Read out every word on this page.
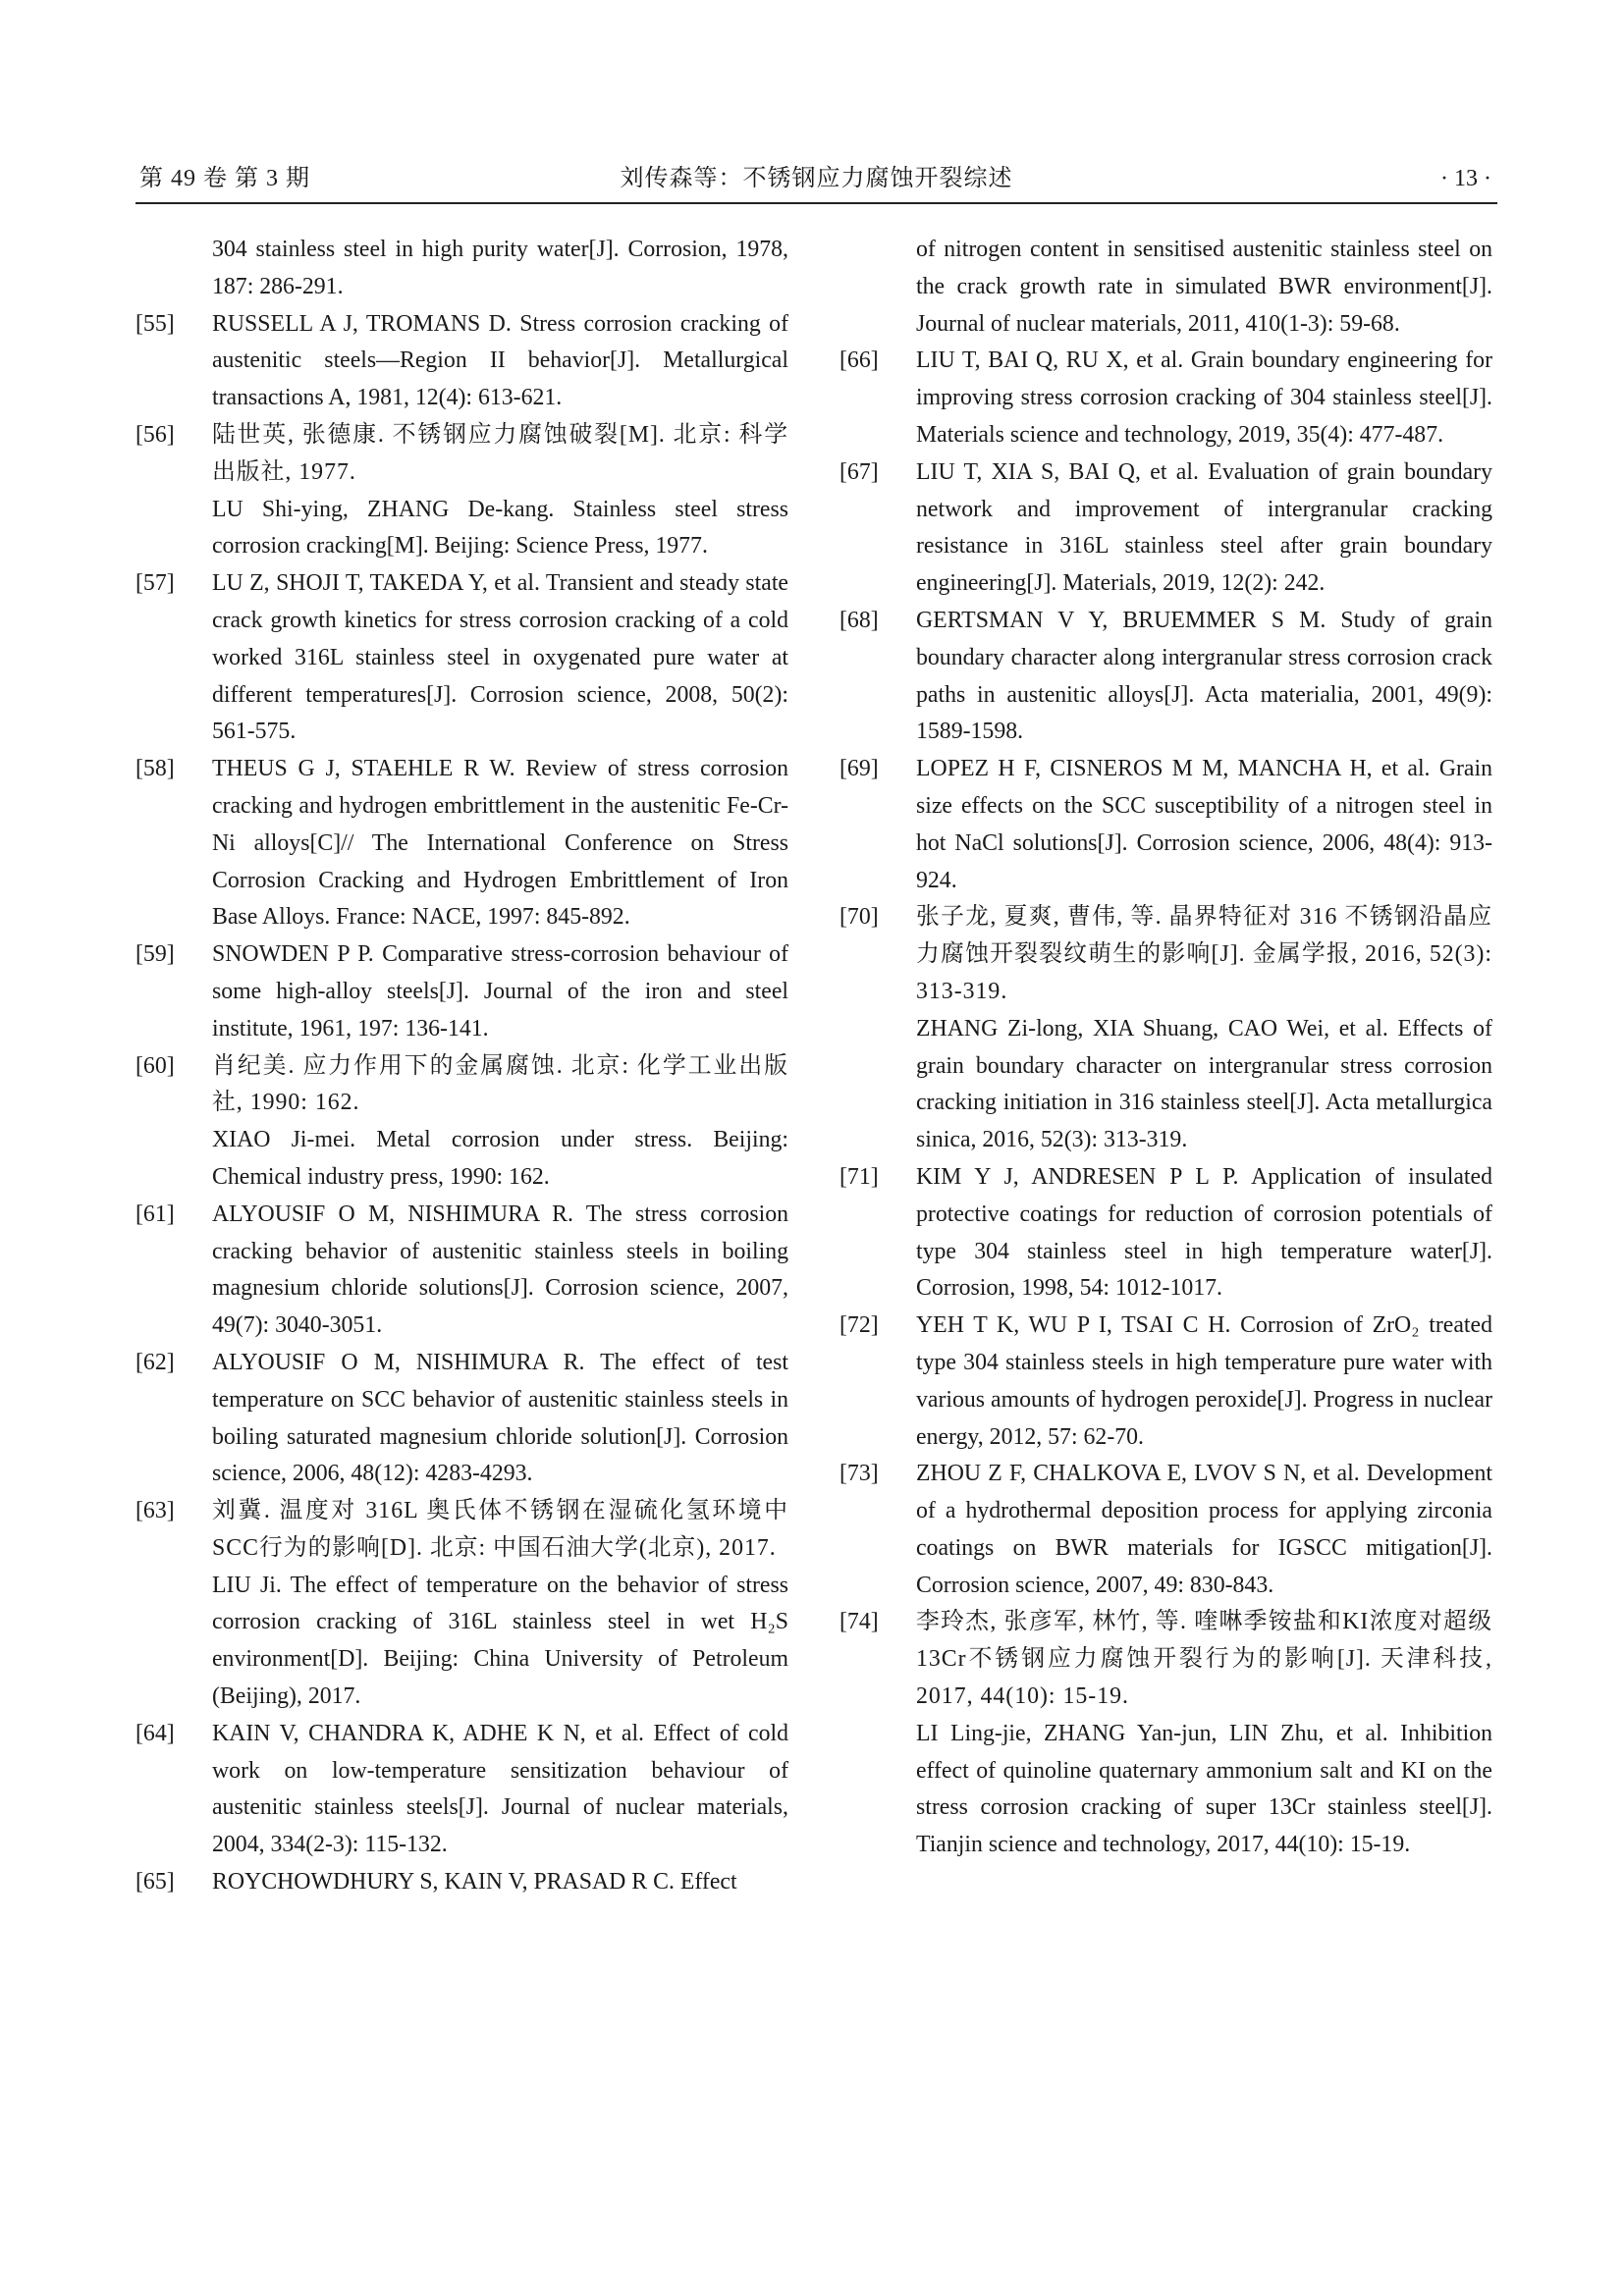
第 49 卷 第 3 期	刘传森等：不锈钢应力腐蚀开裂综述	· 13 ·
304 stainless steel in high purity water[J]. Corrosion, 1978, 187: 286-291.
[55]	RUSSELL A J, TROMANS D. Stress corrosion cracking of austenitic steels—Region II behavior[J]. Metallurgical transactions A, 1981, 12(4): 613-621.
[56]	陆世英, 张德康. 不锈钢应力腐蚀破裂[M]. 北京: 科学出版社, 1977.
LU Shi-ying, ZHANG De-kang. Stainless steel stress corrosion cracking[M]. Beijing: Science Press, 1977.
[57]	LU Z, SHOJI T, TAKEDA Y, et al. Transient and steady state crack growth kinetics for stress corrosion cracking of a cold worked 316L stainless steel in oxygenated pure water at different temperatures[J]. Corrosion science, 2008, 50(2): 561-575.
[58]	THEUS G J, STAEHLE R W. Review of stress corrosion cracking and hydrogen embrittlement in the austenitic Fe-Cr-Ni alloys[C]// The International Conference on Stress Corrosion Cracking and Hydrogen Embrittlement of Iron Base Alloys. France: NACE, 1997: 845-892.
[59]	SNOWDEN P P. Comparative stress-corrosion behaviour of some high-alloy steels[J]. Journal of the iron and steel institute, 1961, 197: 136-141.
[60]	肖纪美. 应力作用下的金属腐蚀. 北京: 化学工业出版社, 1990: 162.
XIAO Ji-mei. Metal corrosion under stress. Beijing: Chemical industry press, 1990: 162.
[61]	ALYOUSIF O M, NISHIMURA R. The stress corrosion cracking behavior of austenitic stainless steels in boiling magnesium chloride solutions[J]. Corrosion science, 2007, 49(7): 3040-3051.
[62]	ALYOUSIF O M, NISHIMURA R. The effect of test temperature on SCC behavior of austenitic stainless steels in boiling saturated magnesium chloride solution[J]. Corrosion science, 2006, 48(12): 4283-4293.
[63]	刘冀. 温度对 316L 奥氏体不锈钢在湿硫化氢环境中SCC行为的影响[D]. 北京: 中国石油大学(北京), 2017.
LIU Ji. The effect of temperature on the behavior of stress corrosion cracking of 316L stainless steel in wet H₂S environment[D]. Beijing: China University of Petroleum (Beijing), 2017.
[64]	KAIN V, CHANDRA K, ADHE K N, et al. Effect of cold work on low-temperature sensitization behaviour of austenitic stainless steels[J]. Journal of nuclear materials, 2004, 334(2-3): 115-132.
[65]	ROYCHOWDHURY S, KAIN V, PRASAD R C. Effect
of nitrogen content in sensitised austenitic stainless steel on the crack growth rate in simulated BWR environment[J]. Journal of nuclear materials, 2011, 410(1-3): 59-68.
[66]	LIU T, BAI Q, RU X, et al. Grain boundary engineering for improving stress corrosion cracking of 304 stainless steel[J]. Materials science and technology, 2019, 35(4): 477-487.
[67]	LIU T, XIA S, BAI Q, et al. Evaluation of grain boundary network and improvement of intergranular cracking resistance in 316L stainless steel after grain boundary engineering[J]. Materials, 2019, 12(2): 242.
[68]	GERTSMAN V Y, BRUEMMER S M. Study of grain boundary character along intergranular stress corrosion crack paths in austenitic alloys[J]. Acta materialia, 2001, 49(9): 1589-1598.
[69]	LOPEZ H F, CISNEROS M M, MANCHA H, et al. Grain size effects on the SCC susceptibility of a nitrogen steel in hot NaCl solutions[J]. Corrosion science, 2006, 48(4): 913-924.
[70]	张子龙, 夏爽, 曹伟, 等. 晶界特征对 316 不锈钢沿晶应力腐蚀开裂裂纹萌生的影响[J]. 金属学报, 2016, 52(3): 313-319.
ZHANG Zi-long, XIA Shuang, CAO Wei, et al. Effects of grain boundary character on intergranular stress corrosion cracking initiation in 316 stainless steel[J]. Acta metallurgica sinica, 2016, 52(3): 313-319.
[71]	KIM Y J, ANDRESEN P L P. Application of insulated protective coatings for reduction of corrosion potentials of type 304 stainless steel in high temperature water[J]. Corrosion, 1998, 54: 1012-1017.
[72]	YEH T K, WU P I, TSAI C H. Corrosion of ZrO₂ treated type 304 stainless steels in high temperature pure water with various amounts of hydrogen peroxide[J]. Progress in nuclear energy, 2012, 57: 62-70.
[73]	ZHOU Z F, CHALKOVA E, LVOV S N, et al. Development of a hydrothermal deposition process for applying zirconia coatings on BWR materials for IGSCC mitigation[J]. Corrosion science, 2007, 49: 830-843.
[74]	李玲杰, 张彦军, 林竹, 等. 喹啉季铵盐和KI浓度对超级13Cr不锈钢应力腐蚀开裂行为的影响[J]. 天津科技, 2017, 44(10): 15-19.
LI Ling-jie, ZHANG Yan-jun, LIN Zhu, et al. Inhibition effect of quinoline quaternary ammonium salt and KI on the stress corrosion cracking of super 13Cr stainless steel[J]. Tianjin science and technology, 2017, 44(10): 15-19.
